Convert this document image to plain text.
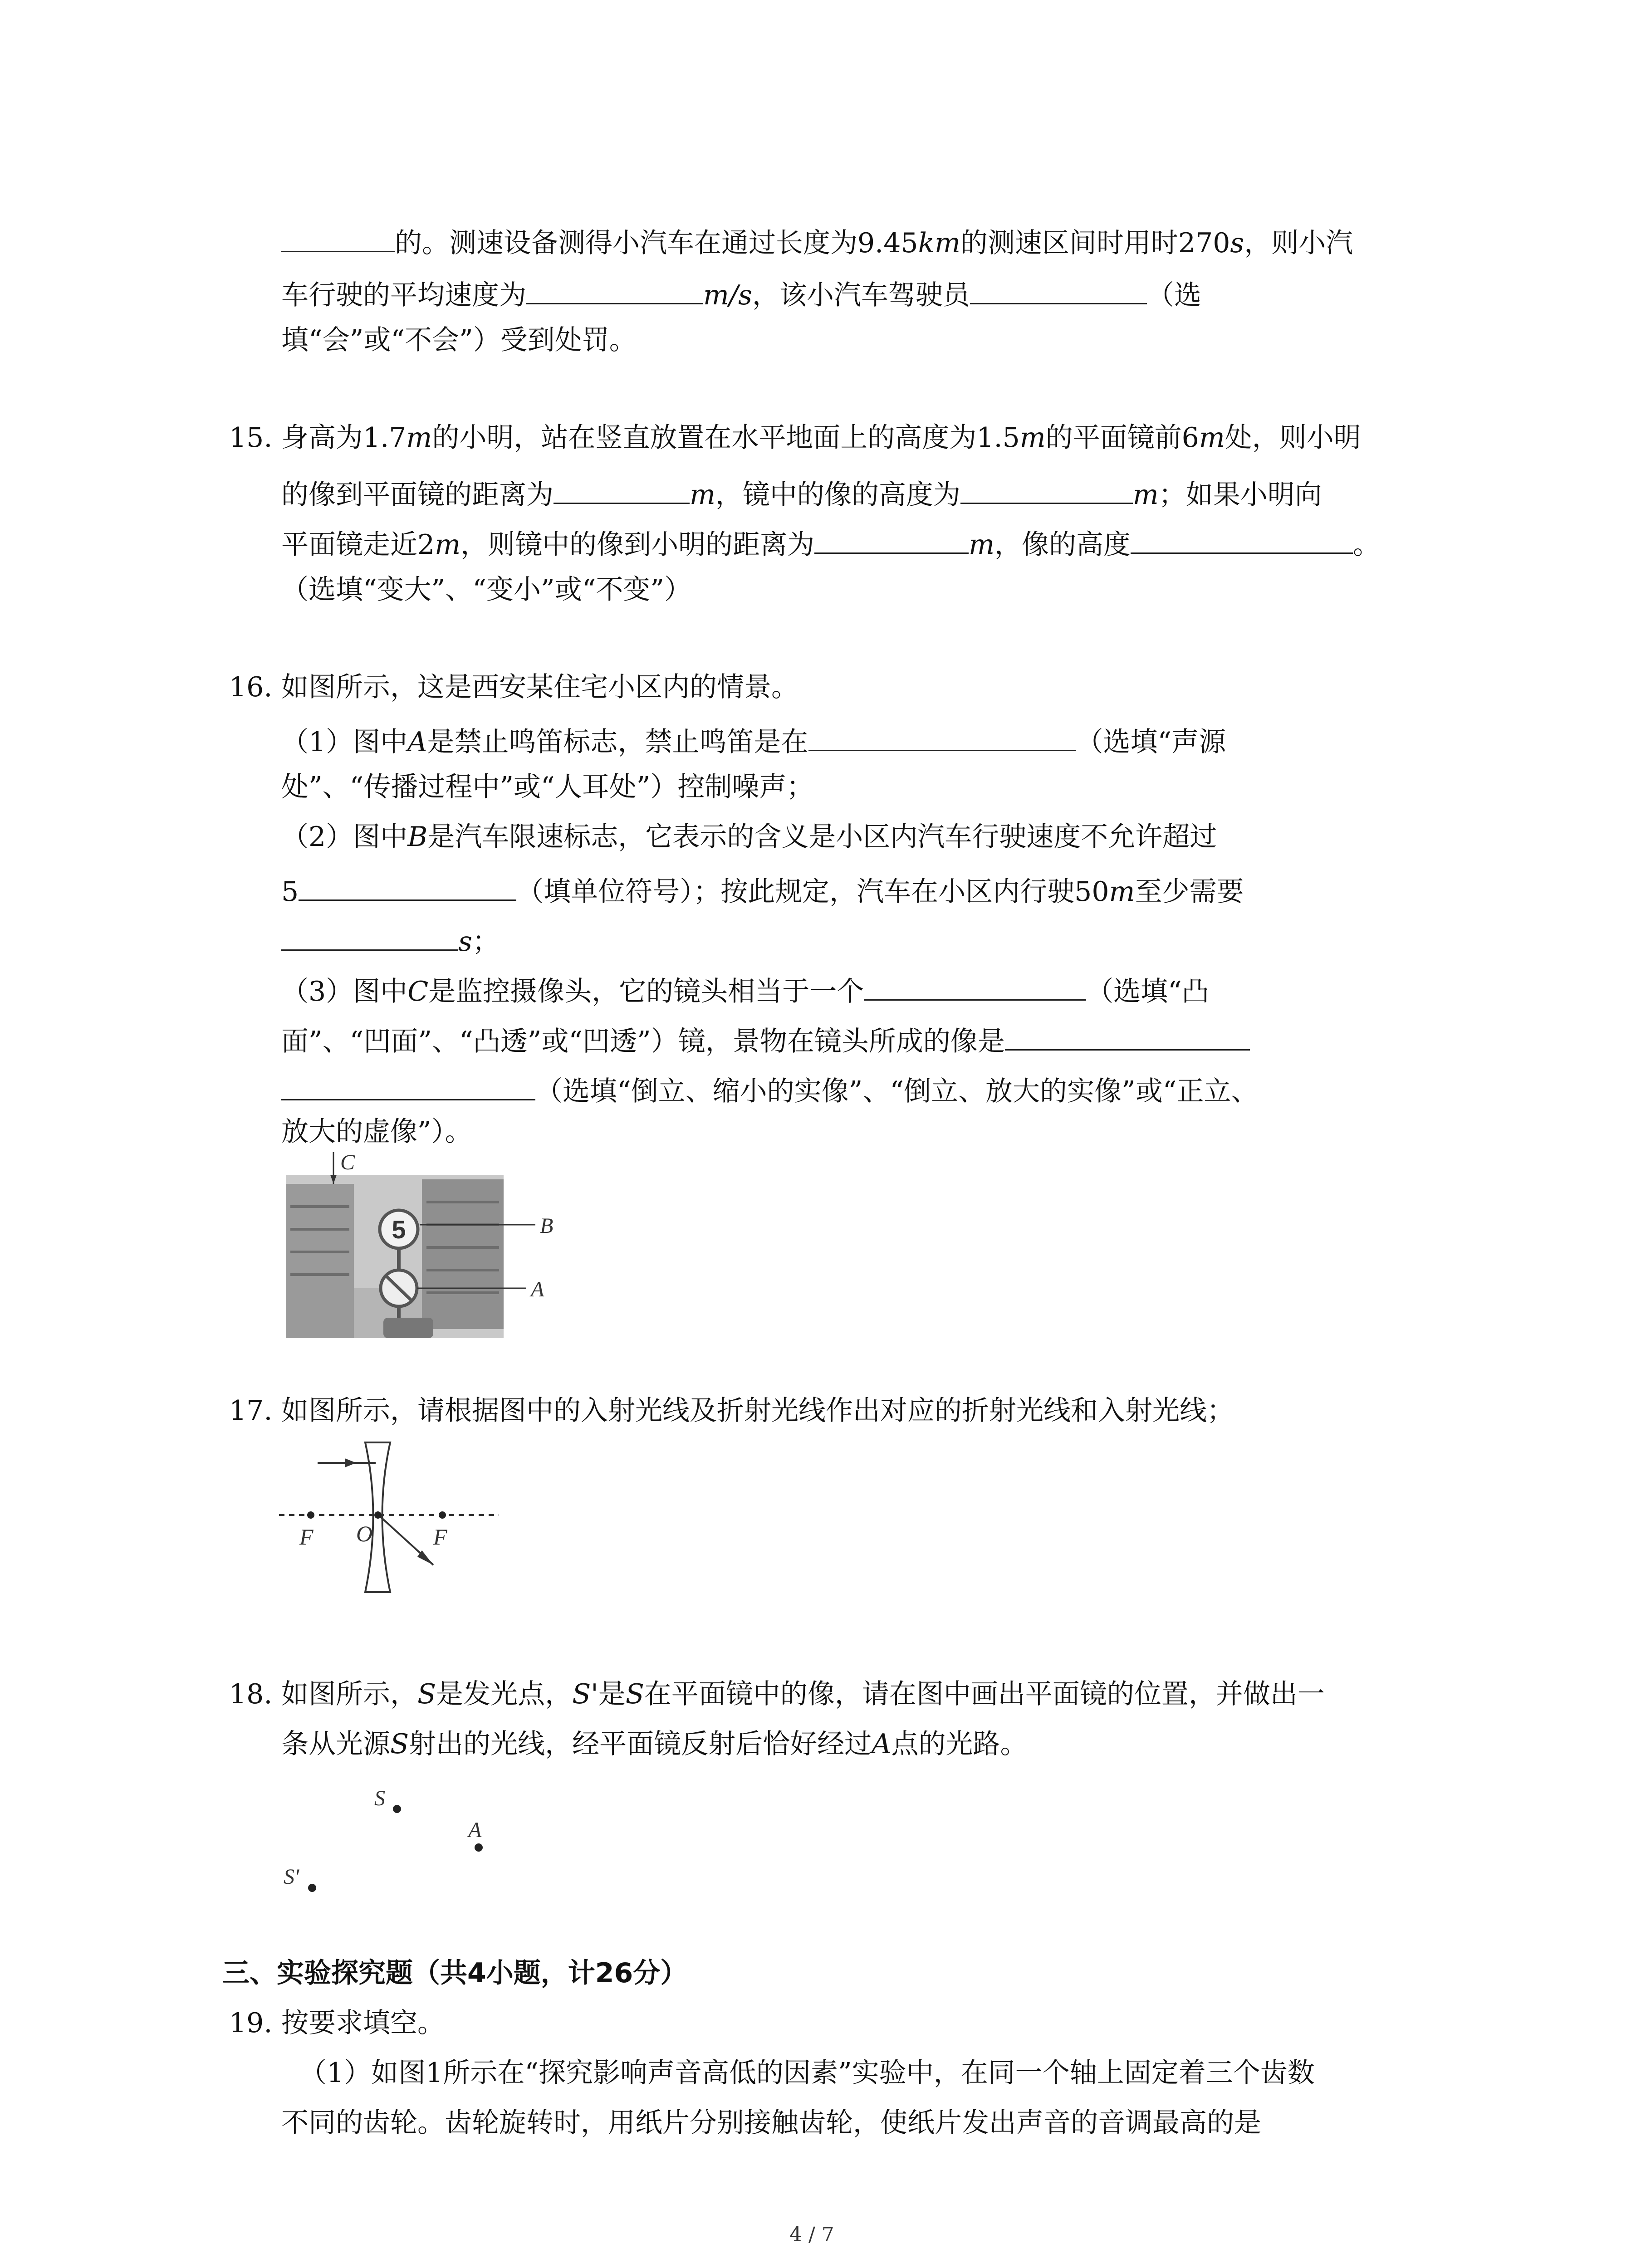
的。测速设备测得小汽车在通过长度为9.45km的测速区间时用时270s，则小汽
车行驶的平均速度为	m/s，该小汽车驾驶员	（选
填“会”或“不会”）受到处罚。
15. 身高为1.7m的小明，站在竖直放置在水平地面上的高度为1.5m的平面镜前6m处，则小明
的像到平面镜的距离为	m，镜中的像的高度为	m；如果小明向
平面镜走近2m，则镜中的像到小明的距离为	m，像的高度	。
（选填“变大”、“变小”或“不变”）
16. 如图所示，这是西安某住宅小区内的情景。
（1）图中A是禁止鸣笛标志，禁止鸣笛是在	（选填“声源
处”、“传播过程中”或“人耳处”）控制噪声；
（2）图中B是汽车限速标志，它表示的含义是小区内汽车行驶速度不允许超过
5	（填单位符号）；按此规定，汽车在小区内行驶50m至少需要
s；
（3）图中C是监控摄像头，它的镜头相当于一个	（选填“凸
面”、“凹面”、“凸透”或“凹透”）镜，景物在镜头所成的像是
（选填“倒立、缩小的实像”、“倒立、放大的实像”或“正立、
放大的虚像”）。
5
C
B
A
17. 如图所示，请根据图中的入射光线及折射光线作出对应的折射光线和入射光线；
F O	F
18. 如图所示，S是发光点，S'是S在平面镜中的像，请在图中画出平面镜的位置，并做出一
条从光源S射出的光线，经平面镜反射后恰好经过A点的光路。
S
A
S'
三、实验探究题（共4小题，计26分）
19. 按要求填空。
（1）如图1所示在“探究影响声音高低的因素”实验中，在同一个轴上固定着三个齿数
不同的齿轮。齿轮旋转时，用纸片分别接触齿轮，使纸片发出声音的音调最高的是
4 / 7
